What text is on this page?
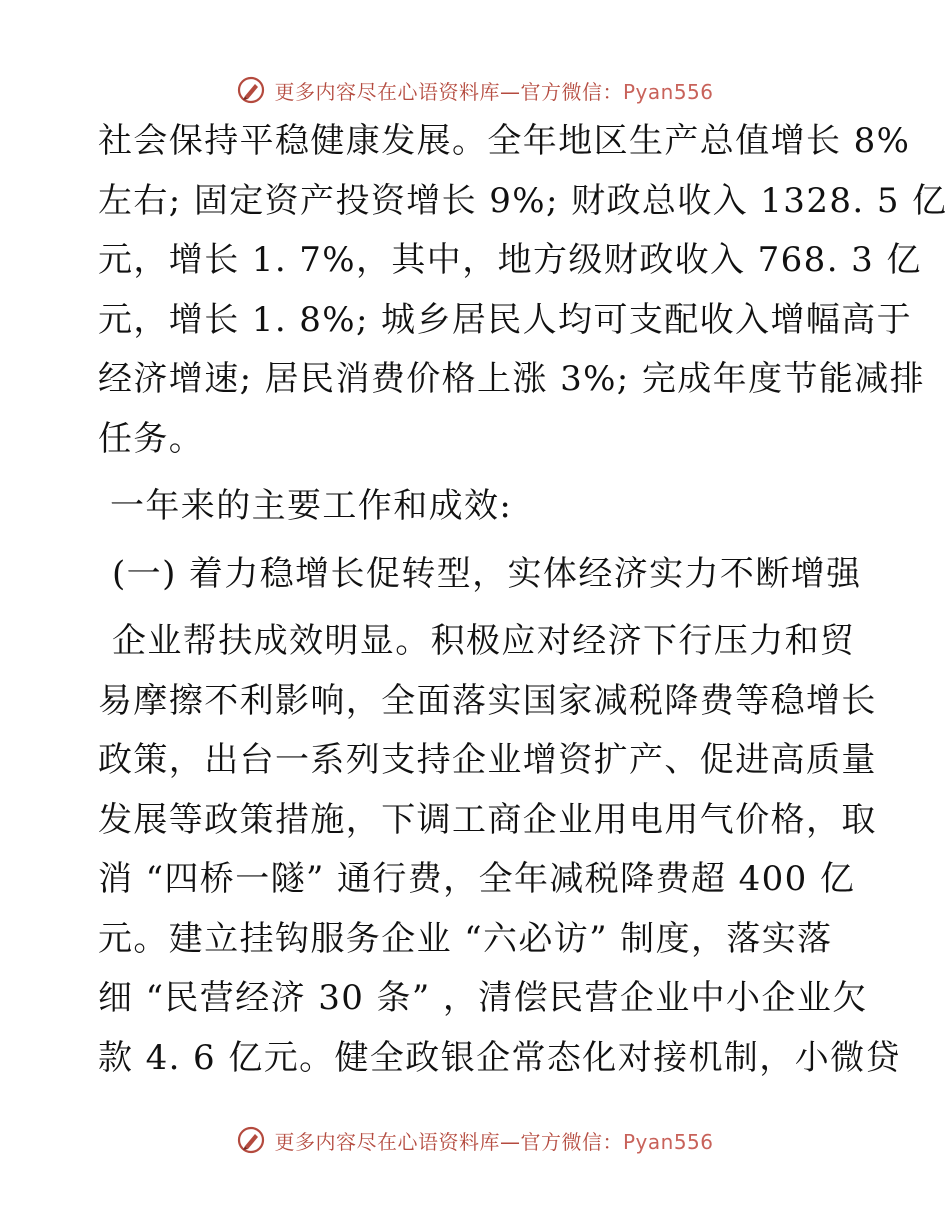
更多内容尽在心语资料库—官方微信：Pyan556

社会保持平稳健康发展。全年地区生产总值增长 8%
左右; 固定资产投资增长 9%; 财政总收入 1328. 5 亿
元，增长 1. 7%，其中，地方级财政收入 768. 3 亿
元，增长 1. 8%; 城乡居民人均可支配收入增幅高于
经济增速; 居民消费价格上涨 3%; 完成年度节能减排
任务。

一年来的主要工作和成效:
(一) 着力稳增长促转型，实体经济实力不断增强

企业帮扶成效明显。积极应对经济下行压力和贸
易摩擦不利影响，全面落实国家减税降费等稳增长
政策，出台一系列支持企业增资扩产、促进高质量
发展等政策措施，下调工商企业用电用气价格，取
消 “四桥一隧” 通行费，全年减税降费超 400 亿
元。建立挂钩服务企业 “六必访” 制度，落实落
细 “民营经济 30 条” ，清偿民营企业中小企业欠
款 4. 6 亿元。健全政银企常态化对接机制，小微贷

更多内容尽在心语资料库—官方微信：Pyan556
